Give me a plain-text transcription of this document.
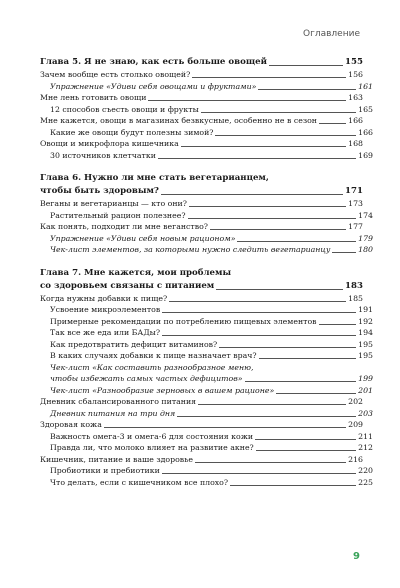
Оглавление
Глава 5. Я не знаю, как есть больше овощей	155
Зачем вообще есть столько овощей?	156
Упражнение «Удиви себя овощами и фруктами»	161
Мне лень готовить овощи	163
12 способов съесть овощи и фрукты	165
Мне кажется, овощи в магазинах безвкусные, особенно не в сезон	166
Какие же овощи будут полезны зимой?	166
Овощи и микрофлора кишечника	168
30 источников клетчатки	169
Глава 6. Нужно ли мне стать вегетарианцем,
чтобы быть здоровым?	171
Веганы и вегетарианцы — кто они?	173
Растительный рацион полезнее?	174
Как понять, подходит ли мне веганство?	177
Упражнение «Удиви себя новым рационом»	179
Чек-лист элементов, за которыми нужно следить вегетарианцу	180
Глава 7. Мне кажется, мои проблемы
со здоровьем связаны с питанием	183
Когда нужны добавки к пище?	185
Усвоение микроэлементов	191
Примерные рекомендации по потреблению пищевых элементов	192
Так все же еда или БАДы?	194
Как предотвратить дефицит витаминов?	195
В каких случаях добавки к пище назначает врач?	195
Чек-лист «Как составить разнообразное меню,
чтобы избежать самых частых дефицитов»	199
Чек-лист «Разнообразие зерновых в вашем рационе»	201
Дневник сбалансированного питания	202
Дневник питания на три дня	203
Здоровая кожа	209
Важность омега-3 и омега-6 для состояния кожи	211
Правда ли, что молоко влияет на развитие акне?	212
Кишечник, питание и ваше здоровье	216
Пробиотики и пребиотики	220
Что делать, если с кишечником все плохо?	225
9
